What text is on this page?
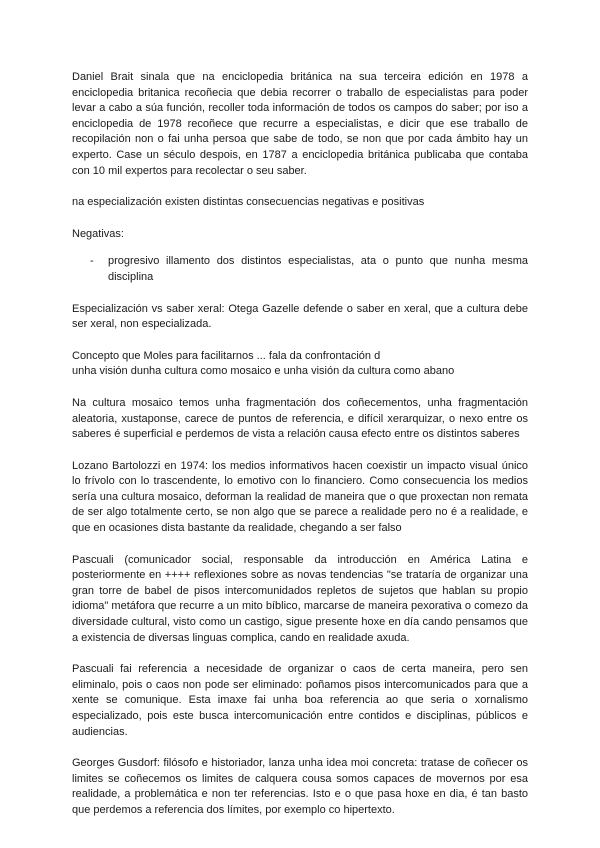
Daniel Brait sinala que na enciclopedia británica na sua terceira edición en 1978 a enciclopedia britanica recoñecia que debia recorrer o traballo de especialistas para poder levar a cabo a súa función, recoller toda información de todos os campos do saber; por iso a enciclopedia de 1978 recoñece que recurre a especialistas, e dicir que ese traballo de recopilación non o fai unha persoa que sabe de todo, se non que por cada ámbito hay un experto. Case un século despois, en 1787 a enciclopedia británica publicaba que contaba con 10 mil expertos para recolectar o seu saber.

na especialización existen distintas consecuencias negativas e positivas

Negativas:

-	progresivo illamento dos distintos especialistas, ata o punto que nunha mesma disciplina

Especialización vs saber xeral: Otega Gazelle defende o saber en xeral, que a cultura debe ser xeral, non especializada.

Concepto que Moles para facilitarnos ... fala da confrontación d
unha visión dunha cultura como mosaico e unha visión da cultura como abano

Na cultura mosaico temos unha fragmentación dos coñecementos, unha fragmentación aleatoria, xustaponse, carece de puntos de referencia, e difícil xerarquizar, o nexo entre os saberes é superficial e perdemos de vista a relación causa efecto entre os distintos saberes

Lozano Bartolozzi en 1974: los medios informativos hacen coexistir un impacto visual único lo frívolo con lo trascendente, lo emotivo con lo financiero. Como consecuencia los medios sería una cultura mosaico, deforman la realidad de maneira que o que proxectan non remata de ser algo totalmente certo, se non algo que se parece a realidade pero no é a realidade, e que en ocasiones dista bastante da realidade, chegando a ser falso

Pascuali (comunicador social, responsable da introducción en América Latina e posteriormente en ++++ reflexiones sobre as novas tendencias "se trataría de organizar una gran torre de babel de pisos intercomunidados repletos de sujetos que hablan su propio idioma" metáfora que recurre a un mito bíblico, marcarse de maneira pexorativa o comezo da diversidade cultural, visto como un castigo, sigue presente hoxe en día cando pensamos que a existencia de diversas linguas complica, cando en realidade axuda.

Pascuali fai referencia a necesidade de organizar o caos de certa maneira, pero sen eliminalo, pois o caos non pode ser eliminado: poñamos pisos intercomunicados para que a xente se comunique. Esta imaxe fai unha boa referencia ao que seria o xornalismo especializado, pois este busca intercomunicación entre contidos e disciplinas, públicos e audiencias.

Georges Gusdorf: filósofo e historiador, lanza unha idea moi concreta: tratase de coñecer os limites se coñecemos os limites de calquera cousa somos capaces de movernos por esa realidade, a problemática e non ter referencias. Isto e o que pasa hoxe en dia, é tan basto que perdemos a referencia dos límites, por exemplo co hipertexto.
